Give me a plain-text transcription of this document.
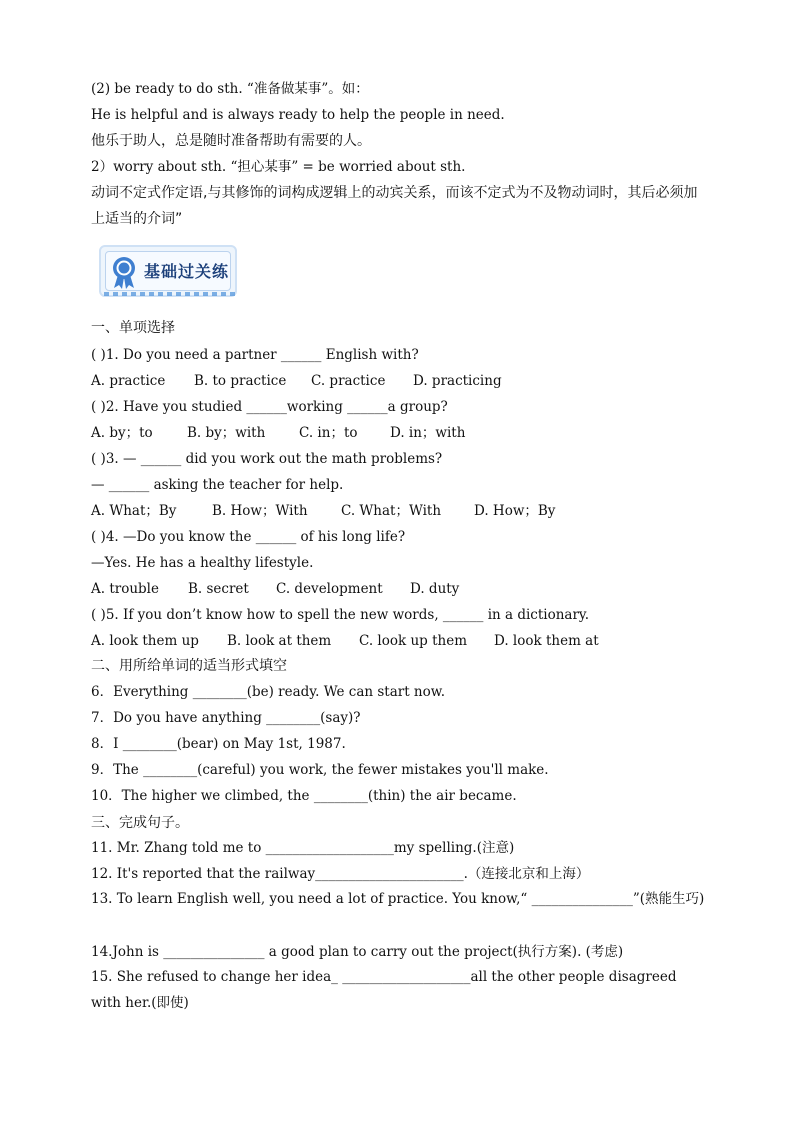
(2) be ready to do sth. “准备做某事”。如：
He is helpful and is always ready to help the people in need.
他乐于助人，总是随时准备帮助有需要的人。
2）worry about sth. “担心某事” = be worried about sth.
动词不定式作定语,与其修饰的词构成逻辑上的动宾关系，而该不定式为不及物动词时，其后必须加上适当的介词”
基础过关练
一、单项选择
( )1. Do you need a partner ______ English with?
A. practice B. to practice C. practice D. practicing
( )2. Have you studied ______working ______a group?
A. by；to	B. by；with C. in；to D. in；with
( )3. — ______ did you work out the math problems?
— ______ asking the teacher for help.
A. What；By	B. How；With C. What；With D. How；By
( )4. —Do you know the ______ of his long life?
—Yes. He has a healthy lifestyle.
A. trouble B. secret C. development D. duty
( )5. If you don’t know how to spell the new words, ______ in a dictionary.
A. look them up B. look at them C. look up them D. look them at
二、用所给单词的适当形式填空
6．Everything ________(be) ready. We can start now.
7．Do you have anything ________(say)?
8．I ________(bear) on May 1st, 1987.
9．The ________(careful) you work, the fewer mistakes you'll make.
10．The higher we climbed, the ________(thin) the air became.
三、完成句子。
11. Mr. Zhang told me to ___________________my spelling.(注意)
12. It's reported that the railway______________________.（连接北京和上海）
13. To learn English well, you need a lot of practice. You know,“ _______________”(熟能生巧)
14.John is _______________ a good plan to carry out the project(执行方案). (考虑)
15. She refused to change her idea_ ___________________all the other people disagreed with her.(即使)
